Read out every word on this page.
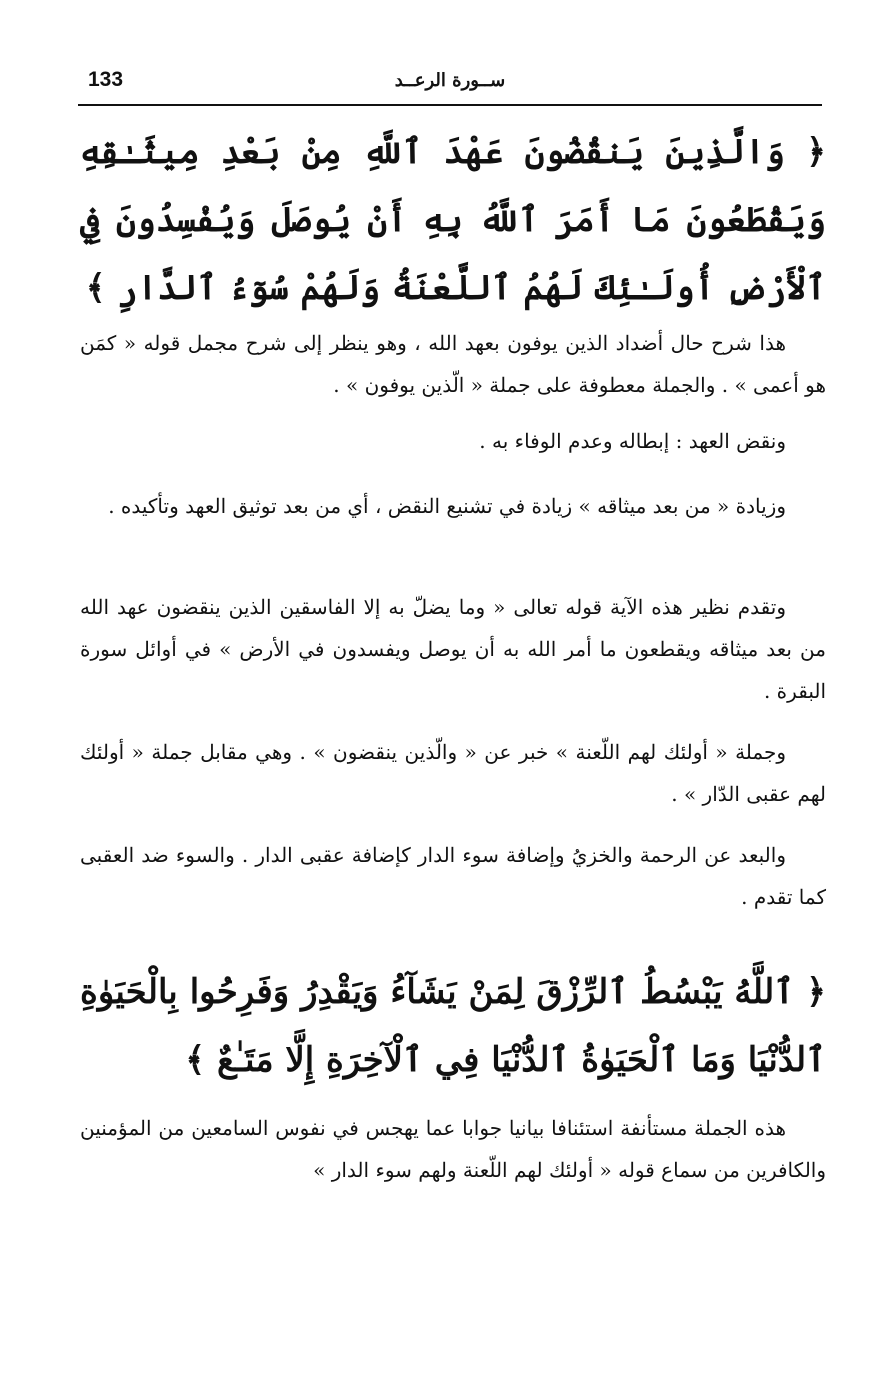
133	ســورة الرعــد
﴿ وَالَّذِينَ يَنقُضُونَ عَهْدَ ٱللَّهِ مِنْ بَعْدِ مِيثَـٰقِهِ وَيَقْطَعُونَ مَا أَمَرَ ٱللَّهُ بِهِ أَنْ يُوصَلَ وَيُفْسِدُونَ فِي ٱلْأَرْضِ أُولَـٰئِكَ لَهُمُ ٱللَّعْنَةُ وَلَهُمْ سُوٓءُ ٱلدَّارِ ﴾

هذا شرح حال أضداد الذين يوفون بعهد الله ، وهو ينظر إلى شرح مجمل قوله « كمَن هو أعمى » . والجملة معطوفة على جملة « الّذين يوفون » .

ونقض العهد : إبطاله وعدم الوفاء به .

وزيادة « من بعد ميثاقه » زيادة في تشنيع النقض ، أي من بعد توثيق العهد وتأكيده .

وتقدم نظير هذه الآية قوله تعالى « وما يضلّ به إلا الفاسقين الذين ينقضون عهد الله من بعد ميثاقه ويقطعون ما أمر الله به أن يوصل ويفسدون في الأرض » في أوائل سورة البقرة .

وجملة « أولئك لهم اللّعنة » خبر عن « والّذين ينقضون » . وهي مقابل جملة « أولئك لهم عقبى الدّار » .

والبعد عن الرحمة والخزيُ وإضافة سوء الدار كإضافة عقبى الدار . والسوء ضد العقبى كما تقدم .

﴿ ٱللَّهُ يَبْسُطُ ٱلرِّزْقَ لِمَنْ يَشَآءُ وَيَقْدِرُ وَفَرِحُوا بِالْحَيَوٰةِ ٱلدُّنْيَا وَمَا ٱلْحَيَوٰةُ ٱلدُّنْيَا فِي ٱلْآخِرَةِ إِلَّا مَتَـٰعٌ ﴾

هذه الجملة مستأنفة استئنافا بيانيا جوابا عما يهجس في نفوس السامعين من المؤمنين والكافرين من سماع قوله « أولئك لهم اللّعنة ولهم سوء الدار »
